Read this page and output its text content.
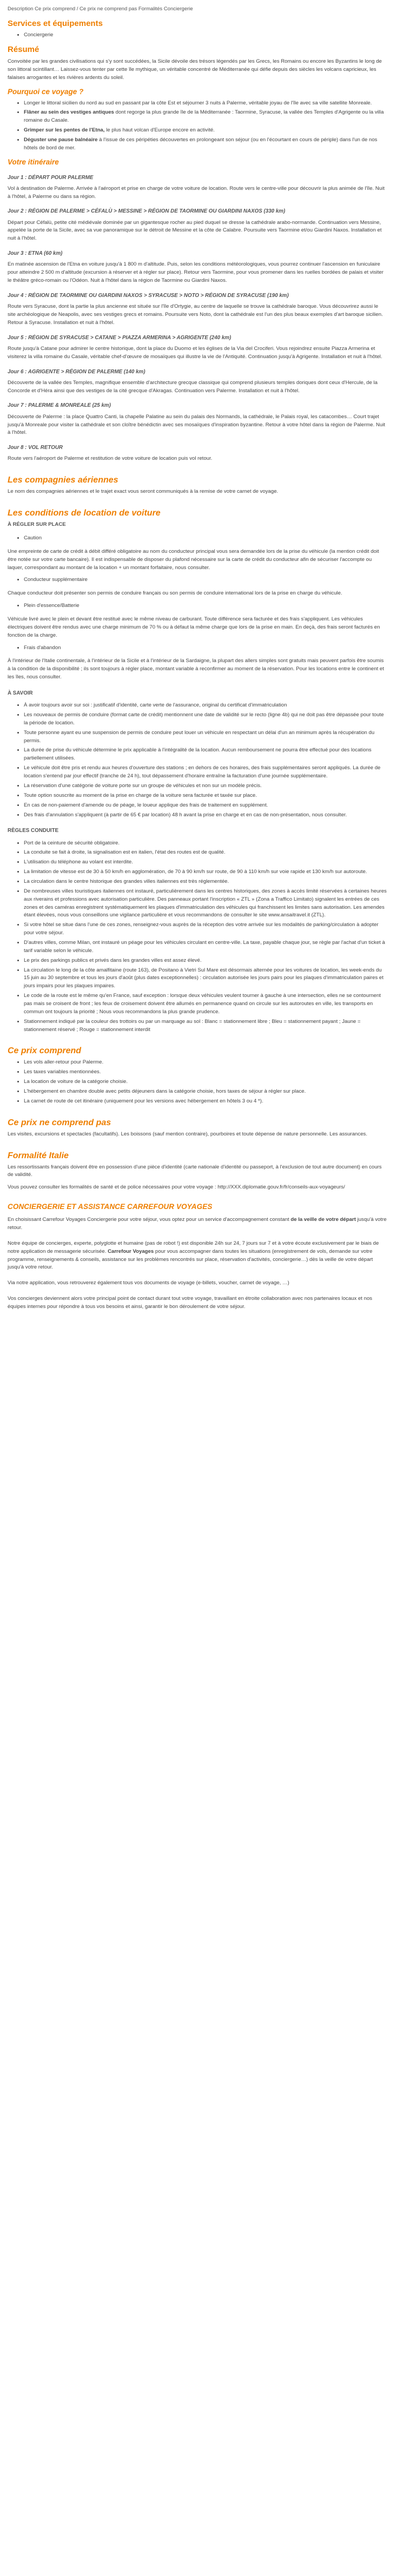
Description Ce prix comprend / Ce prix ne comprend pas Formalités Conciergerie
Services et équipements
• Conciergerie
Résumé

Convoitée par les grandes civilisations qui s'y sont succédées, la Sicile dévoile des trésors légendés par les Grecs, les Romains ou encore les Byzantins le long de son littoral scintillant… Laissez-vous tenter par cette île mythique, un véritable concentré de Méditerranée qui défie depuis des siècles les volcans capricieux, les falaises arrogantes et les rivières ardents du soleil.

Pourquoi ce voyage ?
• Longer le littoral sicilien du nord au sud en passant par la côte Est et séjourner 3 nuits à Palerme, véritable joyau de l'île avec sa ville satellite Monreale.
• Flâner au sein des vestiges antiques dont regorge la plus grande île de la Méditerranée : Taormine, Syracuse, la vallée des Temples d'Agrigente ou la villa romaine du Casale.
• Grimper sur les pentes de l'Etna, le plus haut volcan d'Europe encore en activité.
• Déguster une pause balnéaire à l'issue de ces péripéties découvertes en prolongeant son séjour (ou en l'écourtant en cours de périple) dans l'un de nos hôtels de bord de mer.
Votre itinéraire
Jour 1 : DÉPART POUR PALERME

Vol à destination de Palerme. Arrivée à l'aéroport et prise en charge de votre voiture de location. Route vers le centre-ville pour découvrir la plus animée de l'île. Nuit à l'hôtel, à Palerme ou dans sa région.

Jour 2 : RÉGION DE PALERME > CÉFALÙ > MESSINE > RÉGION DE TAORMINE OU GIARDINI NAXOS (330 km)

Départ pour Céfalù, petite cité médiévale dominée par un gigantesque rocher au pied duquel se dresse la cathédrale arabo-normande. Continuation vers Messine, appelée la porte de la Sicile, avec sa vue panoramique sur le détroit de Messine et la côte de Calabre. Poursuite vers Taormine et/ou Giardini Naxos. Installation et nuit à l'hôtel.

Jour 3 : ETNA (60 km)

En matinée ascension de l'Etna en voiture jusqu'à 1 800 m d'altitude. Puis, selon les conditions météorologiques, vous pourrez continuer l'ascension en funiculaire pour atteindre 2 500 m d'altitude (excursion à réserver et à régler sur place). Retour vers Taormine, pour vous promener dans les ruelles bordées de palais et visiter le théâtre gréco-romain ou l'Odéon. Nuit à l'hôtel dans la région de Taormine ou Giardini Naxos.

Jour 4 : RÉGION DE TAORMINE OU GIARDINI NAXOS > SYRACUSE > NOTO > RÉGION DE SYRACUSE (190 km)

Route vers Syracuse, dont la partie la plus ancienne est située sur l'île d'Ortygie, au centre de laquelle se trouve la cathédrale baroque. Vous découvrirez aussi le site archéologique de Neapolis, avec ses vestiges grecs et romains. Poursuite vers Noto, dont la cathédrale est l'un des plus beaux exemples d'art baroque sicilien. Retour à Syracuse. Installation et nuit à l'hôtel.

Jour 5 : RÉGION DE SYRACUSE > CATANE > PIAZZA ARMERINA > AGRIGENTE (240 km)

Route jusqu'à Catane pour admirer le centre historique, dont la place du Duomo et les églises de la Via del Crociferi. Vous rejoindrez ensuite Piazza Armerina et visiterez la villa romaine du Casale, véritable chef-d'œuvre de mosaïques qui illustre la vie de l'Antiquité. Continuation jusqu'à Agrigente. Installation et nuit à l'hôtel.

Jour 6 : AGRIGENTE > RÉGION DE PALERME (140 km)

Découverte de la vallée des Temples, magnifique ensemble d'architecture grecque classique qui comprend plusieurs temples doriques dont ceux d'Hercule, de la Concorde et d'Héra ainsi que des vestiges de la cité grecque d'Akragas. Continuation vers Palerme. Installation et nuit à l'hôtel.

Jour 7 : PALERME & MONREALE (25 km)

Découverte de Palerme : la place Quattro Canti, la chapelle Palatine au sein du palais des Normands, la cathédrale, le Palais royal, les catacombes… Court trajet jusqu'à Monreale pour visiter la cathédrale et son cloître bénédictin avec ses mosaïques d'inspiration byzantine. Retour à votre hôtel dans la région de Palerme. Nuit à l'hôtel.

Jour 8 : VOL RETOUR

Route vers l'aéroport de Palerme et restitution de votre voiture de location puis vol retour.

Les compagnies aériennes

Le nom des compagnies aériennes et le trajet exact vous seront communiqués à la remise de votre carnet de voyage.

Les conditions de location de voiture
À RÉGLER SUR PLACE
• Caution

Une empreinte de carte de crédit à débit différé obligatoire au nom du conducteur principal vous sera demandée lors de la prise du véhicule (la mention crédit doit être notée sur votre carte bancaire). Il est indispensable de disposer du plafond nécessaire sur la carte de crédit du conducteur afin de sécuriser l'accompte ou laquer, correspondant au montant de la location + un montant forfaitaire, nous consulter.

• Conducteur supplémentaire

Chaque conducteur doit présenter son permis de conduire français ou son permis de conduire international lors de la prise en charge du véhicule.

• Plein d'essence/Batterie

Véhicule livré avec le plein et devant être restitué avec le même niveau de carburant. Toute différence sera facturée et des frais s'appliquent. Les véhicules électriques doivent être rendus avec une charge minimum de 70 % ou à défaut la même charge que lors de la prise en main. En deçà, des frais seront facturés en fonction de la charge.

• Frais d'abandon

À l'intérieur de l'Italie continentale, à l'intérieur de la Sicile et à l'intérieur de la Sardaigne, la plupart des allers simples sont gratuits mais peuvent parfois être soumis à la condition de la disponibilité ; ils sont toujours à régler place, montant variable à reconfirmer au moment de la réservation. Pour les locations entre le continent et les îles, nous consulter.

À SAVOIR
• À avoir toujours avoir sur soi : justificatif d'identité, carte verte de l'assurance, original du certificat d'immatriculation
• Les nouveaux de permis de conduire (format carte de crédit) mentionnent une date de validité sur le recto (ligne 4b) qui ne doit pas être dépassée pour toute la période de location.
• Toute personne ayant eu une suspension de permis de conduire peut louer un véhicule en respectant un délai d'un an minimum après la récupération du permis.
• La durée de prise du véhicule détermine le prix applicable à l'intégralité de la location. Aucun remboursement ne pourra être effectué pour des locations partiellement utilisées.
• Le véhicule doit être pris et rendu aux heures d'ouverture des stations ; en dehors de ces horaires, des frais supplémentaires seront appliqués. La durée de location s'entend par jour effectif (tranche de 24 h), tout dépassement d'horaire entraîne la facturation d'une journée supplémentaire.
• La réservation d'une catégorie de voiture porte sur un groupe de véhicules et non sur un modèle précis.
• Toute option souscrite au moment de la prise en charge de la voiture sera facturée et taxée sur place.
• En cas de non-paiement d'amende ou de péage, le loueur applique des frais de traitement en supplément.
• Des frais d'annulation s'appliquent (à partir de 65 € par location) 48 h avant la prise en charge et en cas de non-présentation, nous consulter.
RÈGLES CONDUITE
• Port de la ceinture de sécurité obligatoire.
• La conduite se fait à droite, la signalisation est en italien, l'état des routes est de qualité.
• L'utilisation du téléphone au volant est interdite.
• La limitation de vitesse est de 30 à 50 km/h en agglomération, de 70 à 90 km/h sur route, de 90 à 110 km/h sur voie rapide et 130 km/h sur autoroute.
• La circulation dans le centre historique des grandes villes italiennes est très réglementée.
• De nombreuses villes touristiques italiennes ont instauré, particulièrement dans les centres historiques, des zones à accès limité réservées à certaines heures aux riverains et professions avec autorisation particulière. Des panneaux portant l'inscription « ZTL » (Zona a Traffico Limitato) signalent les entrées de ces zones et des caméras enregistrent systématiquement les plaques d'immatriculation des véhicules qui franchissent les limites sans autorisation. Les amendes étant élevées, nous vous conseillons une vigilance particulière et vous recommandons de consulter le site www.ansaitravel.it (ZTL).
• Si votre hôtel se situe dans l'une de ces zones, renseignez-vous auprès de la réception des votre arrivée sur les modalités de parking/circulation à adopter pour votre séjour.
• D'autres villes, comme Milan, ont instauré un péage pour les véhicules circulant en centre-ville. La taxe, payable chaque jour, se règle par l'achat d'un ticket à tarif variable selon le véhicule.
• Le prix des parkings publics et privés dans les grandes villes est assez élevé.
• La circulation le long de la côte amalfitaine (route 163), de Positano à Vietri Sul Mare est désormais alternée pour les voitures de location, les week-ends du 15 juin au 30 septembre et tous les jours d'août (plus dates exceptionnelles) : circulation autorisée les jours pairs pour les plaques d'immatriculation paires et jours impairs pour les plaques impaires.
• Le code de la route est le même qu'en France, sauf exception : lorsque deux véhicules veulent tourner à gauche à une intersection, elles ne se contournent pas mais se croisent de front ; les feux de croisement doivent être allumés en permanence quand on circule sur les autoroutes en ville, les transports en commun ont toujours la priorité ; Nous vous recommandons la plus grande prudence.
• Stationnement indiqué par la couleur des trottoirs ou par un marquage au sol : Blanc = stationnement libre ; Bleu = stationnement payant ; Jaune = stationnement réservé ; Rouge = stationnement interdit
Ce prix comprend
• Les vols aller-retour pour Palerme.
• Les taxes variables mentionnées.
• La location de voiture de la catégorie choisie.
• L'hébergement en chambre double avec petits déjeuners dans la catégorie choisie, hors taxes de séjour à régler sur place.
• La carnet de route de cet itinéraire (uniquement pour les versions avec hébergement en hôtels 3 ou 4 *).
Ce prix ne comprend pas

Les visites, excursions et spectacles (facultatifs). Les boissons (sauf mention contraire), pourboires et toute dépense de nature personnelle. Les assurances.

Formalité Italie

Les ressortissants français doivent être en possession d'une pièce d'identité (carte nationale d'identité ou passeport, à l'exclusion de tout autre document) en cours de validité.

Vous pouvez consulter les formalités de santé et de police nécessaires pour votre voyage : http://XXX.diplomatie.gouv.fr/fr/conseils-aux-voyageurs/

CONCIERGERIE ET ASSISTANCE CARREFOUR VOYAGES

En choisissant Carrefour Voyages Conciergerie pour votre séjour, vous optez pour un service d'accompagnement constant de la veille de votre départ jusqu'à votre retour.

Notre équipe de concierges, experte, polyglotte et humaine (pas de robot !) est disponible 24h sur 24, 7 jours sur 7 et à votre écoute exclusivement par le biais de notre application de messagerie sécurisée. Carrefour Voyages pour vous accompagner dans toutes les situations (enregistrement de vols, demande sur votre programme, renseignements & conseils, assistance sur les problèmes rencontrés sur place, réservation d'activités, conciergerie…) dès la veille de votre départ jusqu'à votre retour.

Via notre application, vous retrouverez également tous vos documents de voyage (e-billets, voucher, carnet de voyage, …)

Vos concierges deviennent alors votre principal point de contact durant tout votre voyage, travaillant en étroite collaboration avec nos partenaires locaux et nos équipes internes pour répondre à tous vos besoins et ainsi, garantir le bon déroulement de votre séjour.
